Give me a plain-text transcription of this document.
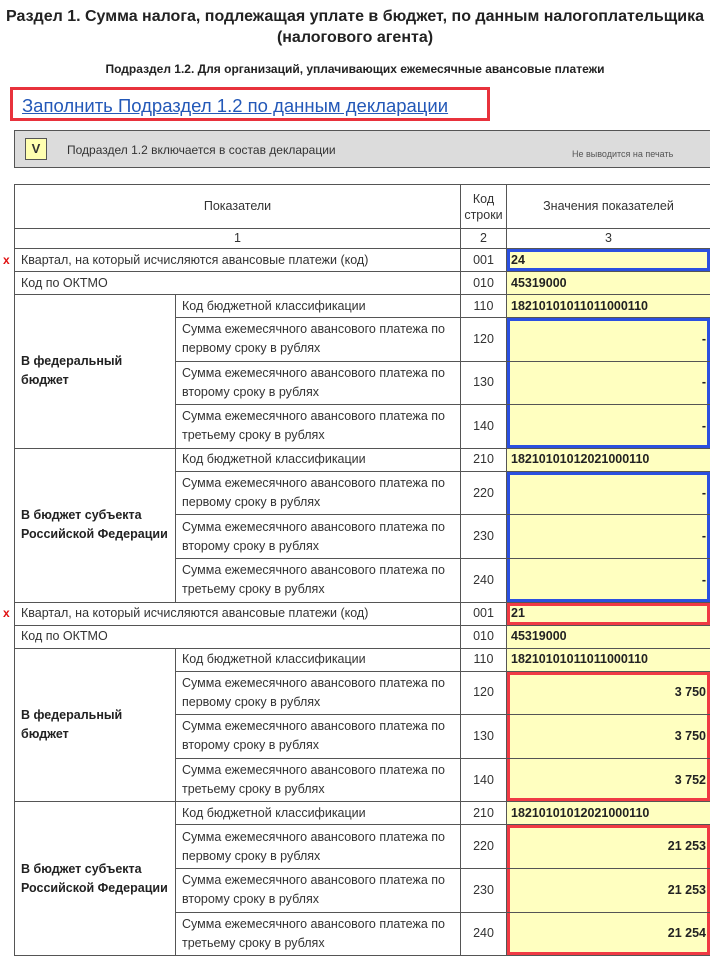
Раздел 1. Сумма налога, подлежащая уплате в бюджет, по данным налогоплательщика (налогового агента)
Подраздел 1.2. Для организаций, уплачивающих ежемесячные авансовые платежи
Заполнить Подраздел 1.2 по данным декларации
V	Подраздел 1.2 включается в состав декларации	Не выводится на печать
Показатели		Код строки	Значения показателей
1		2	3

x Квартал, на который исчисляются авансовые платежи (код)		001	24
Код по ОКТМО		010	45319000
В федеральный бюджет	Код бюджетной классификации	110	18210101011011000110
	Сумма ежемесячного авансового платежа по первому сроку в рублях	120	-
	Сумма ежемесячного авансового платежа по второму сроку в рублях	130	-
	Сумма ежемесячного авансового платежа по третьему сроку в рублях	140	-
В бюджет субъекта Российской Федерации	Код бюджетной классификации	210	18210101012021000110
	Сумма ежемесячного авансового платежа по первому сроку в рублях	220	-
	Сумма ежемесячного авансового платежа по второму сроку в рублях	230	-
	Сумма ежемесячного авансового платежа по третьему сроку в рублях	240	-

x Квартал, на который исчисляются авансовые платежи (код)		001	21
Код по ОКТМО		010	45319000
В федеральный бюджет	Код бюджетной классификации	110	18210101011011000110
	Сумма ежемесячного авансового платежа по первому сроку в рублях	120	3 750
	Сумма ежемесячного авансового платежа по второму сроку в рублях	130	3 750
	Сумма ежемесячного авансового платежа по третьему сроку в рублях	140	3 752
В бюджет субъекта Российской Федерации	Код бюджетной классификации	210	18210101012021000110
	Сумма ежемесячного авансового платежа по первому сроку в рублях	220	21 253
	Сумма ежемесячного авансового платежа по второму сроку в рублях	230	21 253
	Сумма ежемесячного авансового платежа по третьему сроку в рублях	240	21 254
